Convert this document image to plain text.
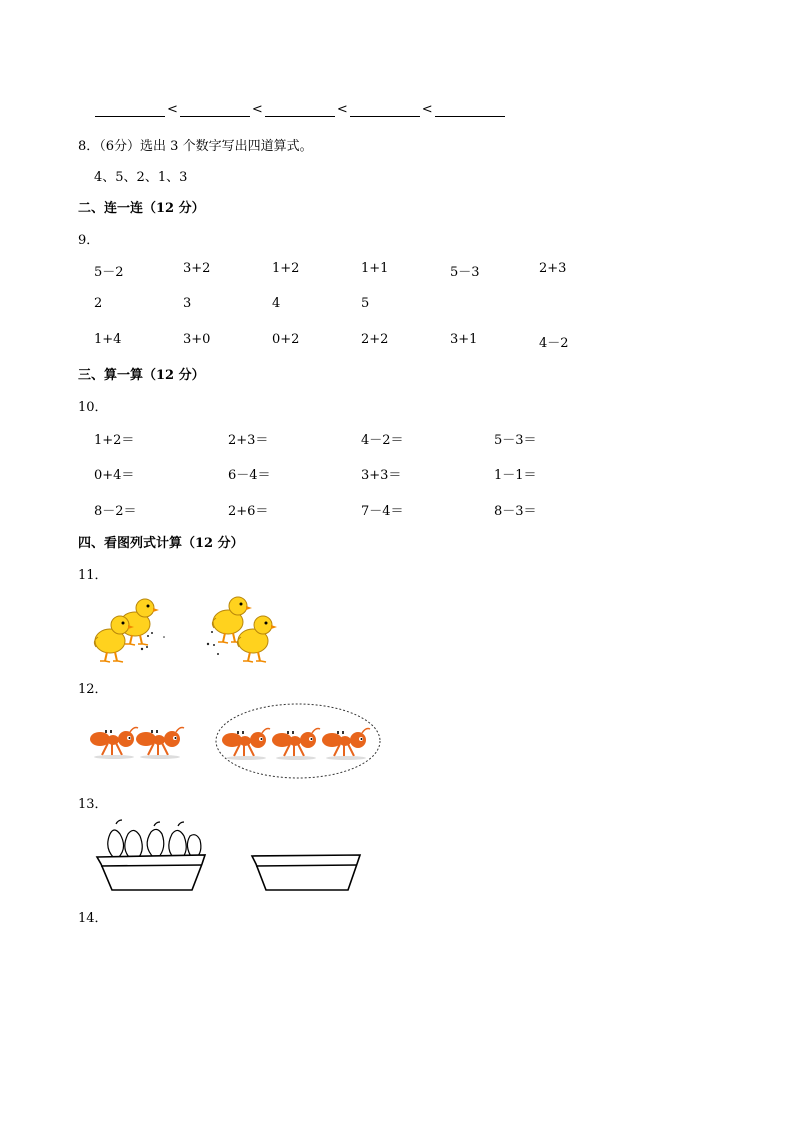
<	<	<	<
8．（6分）选出 3 个数字写出四道算式。
4、5、2、1、3
二、连一连（12 分）
9．
5－2	3+2	1+2	1+1	5－3	2+3
2	3	4	5
1+4	3+0	0+2	2+2	3+1	4－2
三、算一算（12 分）
10．
1+2＝	2+3＝	4－2＝	5－3＝
0+4＝	6－4＝	3+3＝	1－1＝
8－2＝	2+6＝	7－4＝	8－3＝
四、看图列式计算（12 分）
11．
12．
13．
14．
